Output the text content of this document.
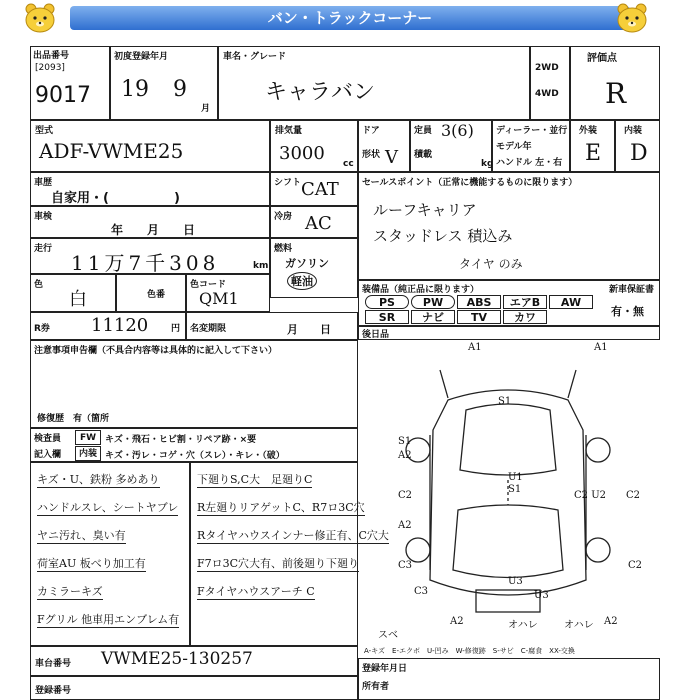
バン・トラックコーナー
出品番号
[2093]
9017
初度登録年月
19 9
月
車名・グレード
キャラバン
2WD
4WD
評価点
R
型式
ADF-VWME25
排気量
3000 cc
ドア
形状 V
定員 3(6)
積載
kg
ディーラー・並行
モデル年
ハンドル 左・右
外装
E
内装
D
車歴
自家用・(　　　　　)
シフト CAT
車検
年　　月　　日
冷房 AC
走行
11万7千308	km
燃料
ガソリン
軽油
色
白	色番
色コード
QM1
R券 11120	円 名変期限	月　　日
セールスポイント（正常に機能するものに限ります）
ルーフキャリア
スタッドレス 積込み
タイヤ のみ
装備品（純正品に限ります）	新車保証書
PS	PW	ABS	エアB	AW
SR	ナビ	TV	カワ	有・無
後日品
注意事項申告欄（不具合内容等は具体的に記入して下さい）
修復歴　有（箇所
検査員
記入欄
FW キズ・飛石・ヒビ割・リペア跡・×要
内装 キズ・汚レ・コゲ・穴（スレ）・キレ・（破）
キズ・U、鉄粉 多めあり
ハンドルスレ、シートヤブレ
ヤニ汚れ、臭い有
荷室AU 板べり加工有
カミラーキズ
Fグリル 他車用エンブレム有
下廻りS,C大　足廻りC
R左廻りリアゲットC、R7ロ3C穴
Rタイヤハウスインナー修正有、C穴大
F7ロ3C穴大有、前後廻り下廻り
Fタイヤハウスアーチ C
A1	A1
S1
S1
A2
C2
U1
S1
C2 U2 C2
A2
C3
U3
A2	オハレ	オハレ A2
C2
C3	U3
スベ
車台番号 VWME25-130257
登録番号
A-キズ　E-エクボ　U-凹み　W-修復跡　S-サビ　C-腐食　XX-交換
登録年月日
所有者
